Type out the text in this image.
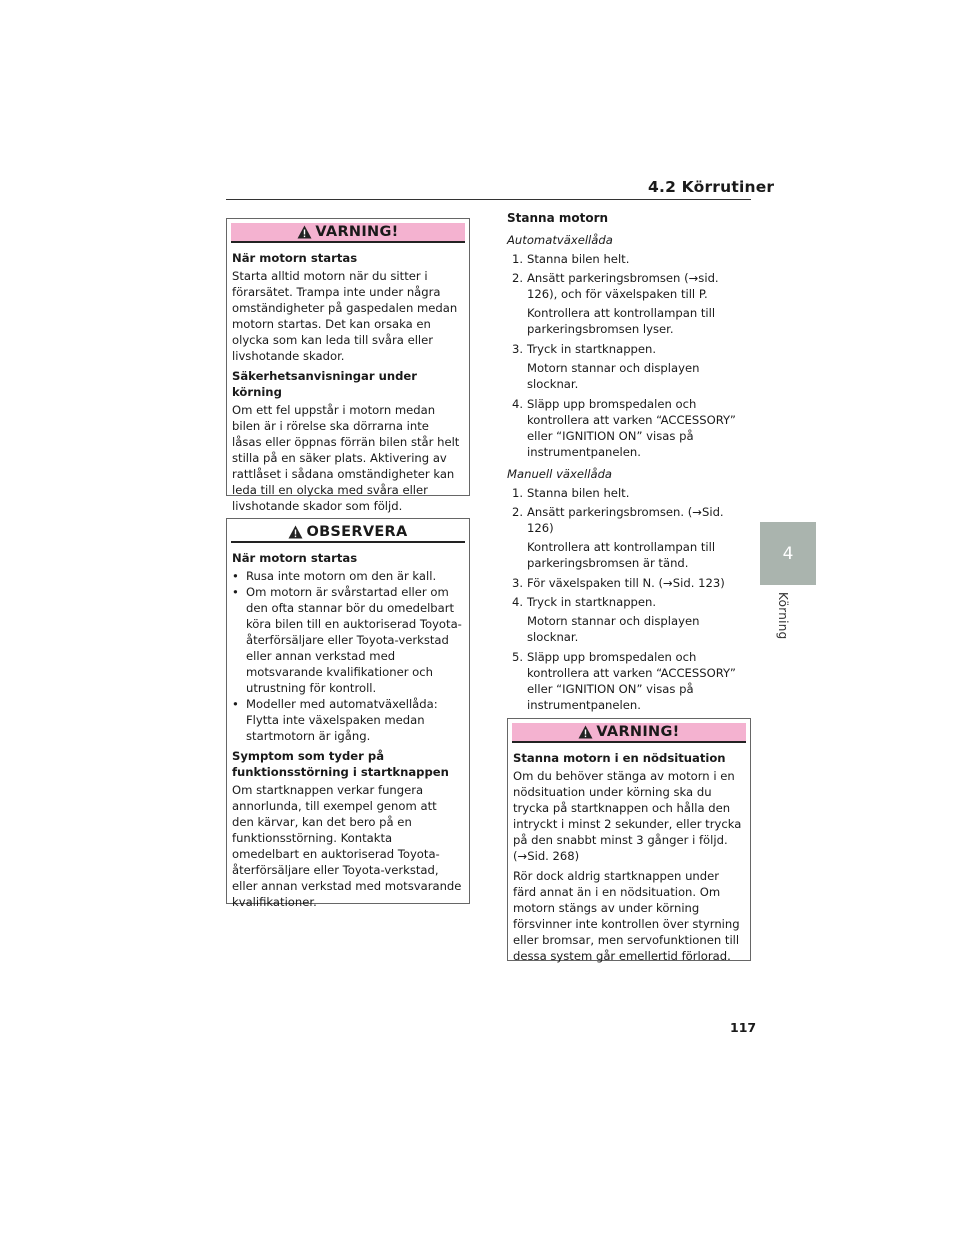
4.2 Körrutiner
VARNING!
När motorn startas

Starta alltid motorn när du sitter i förarsätet. Trampa inte under några omständigheter på gaspedalen medan motorn startas. Det kan orsaka en olycka som kan leda till svåra eller livshotande skador.

Säkerhetsanvisningar under körning

Om ett fel uppstår i motorn medan bilen är i rörelse ska dörrarna inte låsas eller öppnas förrän bilen står helt stilla på en säker plats. Aktivering av rattlåset i sådana omständigheter kan leda till en olycka med svåra eller livshotande skador som följd.

OBSERVERA
När motorn startas
• Rusa inte motorn om den är kall.
• Om motorn är svårstartad eller om den ofta stannar bör du omedelbart köra bilen till en auktoriserad Toyota-återförsäljare eller Toyota-verkstad eller annan verkstad med motsvarande kvalifikationer och utrustning för kontroll.
• Modeller med automatväxellåda: Flytta inte växelspaken medan startmotorn är igång.
Symptom som tyder på funktionsstörning i startknappen

Om startknappen verkar fungera annorlunda, till exempel genom att den kärvar, kan det bero på en funktionsstörning. Kontakta omedelbart en auktoriserad Toyota-återförsäljare eller Toyota-verkstad, eller annan verkstad med motsvarande kvalifikationer.

Stanna motorn
Automatväxellåda
1. Stanna bilen helt.
2. Ansätt parkeringsbromsen (→sid. 126), och för växelspaken till P.
Kontrollera att kontrollampan till parkeringsbromsen lyser.
3. Tryck in startknappen.
Motorn stannar och displayen slocknar.
4. Släpp upp bromspedalen och kontrollera att varken “ACCESSORY” eller “IGNITION ON” visas på instrumentpanelen.
Manuell växellåda
1. Stanna bilen helt.
2. Ansätt parkeringsbromsen. (→Sid. 126)
Kontrollera att kontrollampan till parkeringsbromsen är tänd.
3. För växelspaken till N. (→Sid. 123)
4. Tryck in startknappen.
Motorn stannar och displayen slocknar.
5. Släpp upp bromspedalen och kontrollera att varken “ACCESSORY” eller “IGNITION ON” visas på instrumentpanelen.
VARNING!
Stanna motorn i en nödsituation

Om du behöver stänga av motorn i en nödsituation under körning ska du trycka på startknappen och hålla den intryckt i minst 2 sekunder, eller trycka på den snabbt minst 3 gånger i följd. (→Sid. 268)

Rör dock aldrig startknappen under färd annat än i en nödsituation. Om motorn stängs av under körning försvinner inte kontrollen över styrning eller bromsar, men servofunktionen till dessa system går emellertid förlorad.

4
Körning
117
